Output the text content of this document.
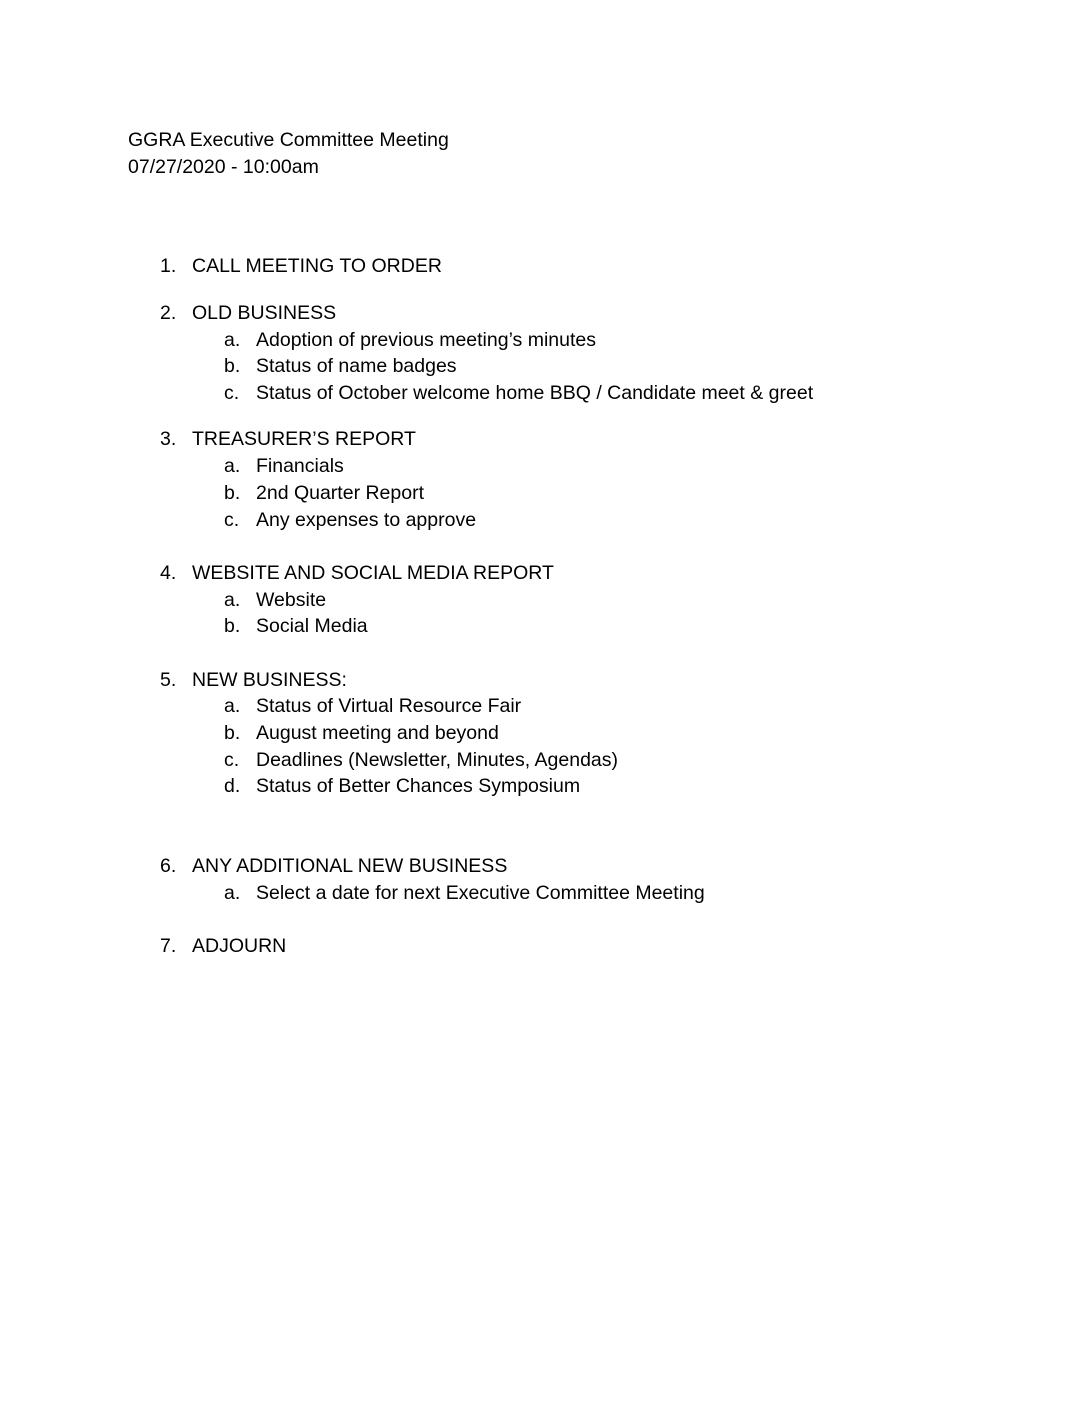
GGRA Executive Committee Meeting
07/27/2020 - 10:00am
1. CALL MEETING TO ORDER
2. OLD BUSINESS
a. Adoption of previous meeting’s minutes
b. Status of name badges
c. Status of October welcome home BBQ / Candidate meet & greet
3. TREASURER’S REPORT
a. Financials
b. 2nd Quarter Report
c. Any expenses to approve
4. WEBSITE AND SOCIAL MEDIA REPORT
a. Website
b. Social Media
5. NEW BUSINESS:
a. Status of Virtual Resource Fair
b. August meeting and beyond
c. Deadlines (Newsletter, Minutes, Agendas)
d. Status of Better Chances Symposium
6. ANY ADDITIONAL NEW BUSINESS
a. Select a date for next Executive Committee Meeting
7. ADJOURN
